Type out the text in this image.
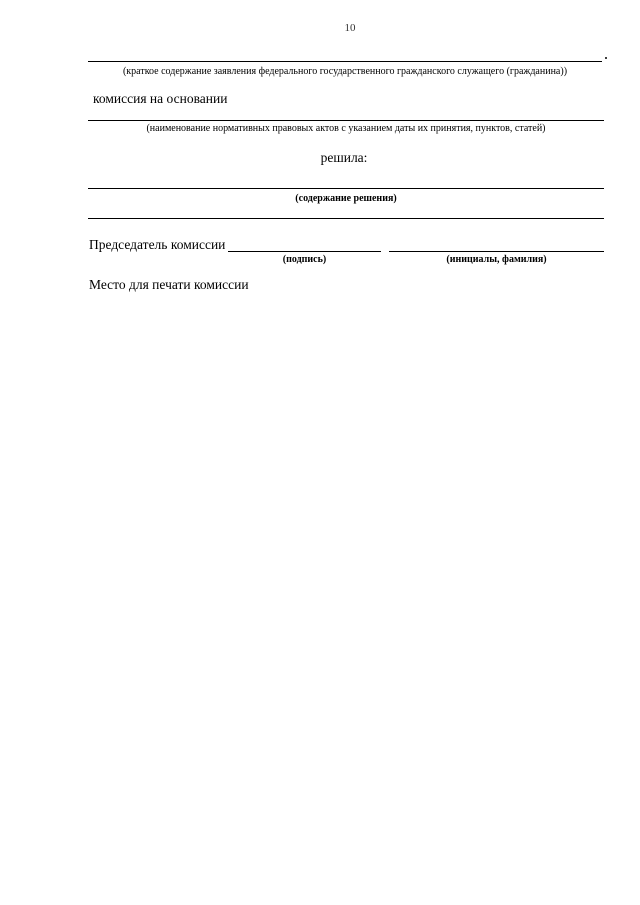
10
(краткое содержание заявления федерального государственного гражданского служащего (гражданина))
комиссия на основании
(наименование нормативных правовых актов с указанием даты их принятия, пунктов, статей)
решила:
(содержание решения)
Председатель комиссии
(подпись)	(инициалы, фамилия)
Место для печати комиссии
